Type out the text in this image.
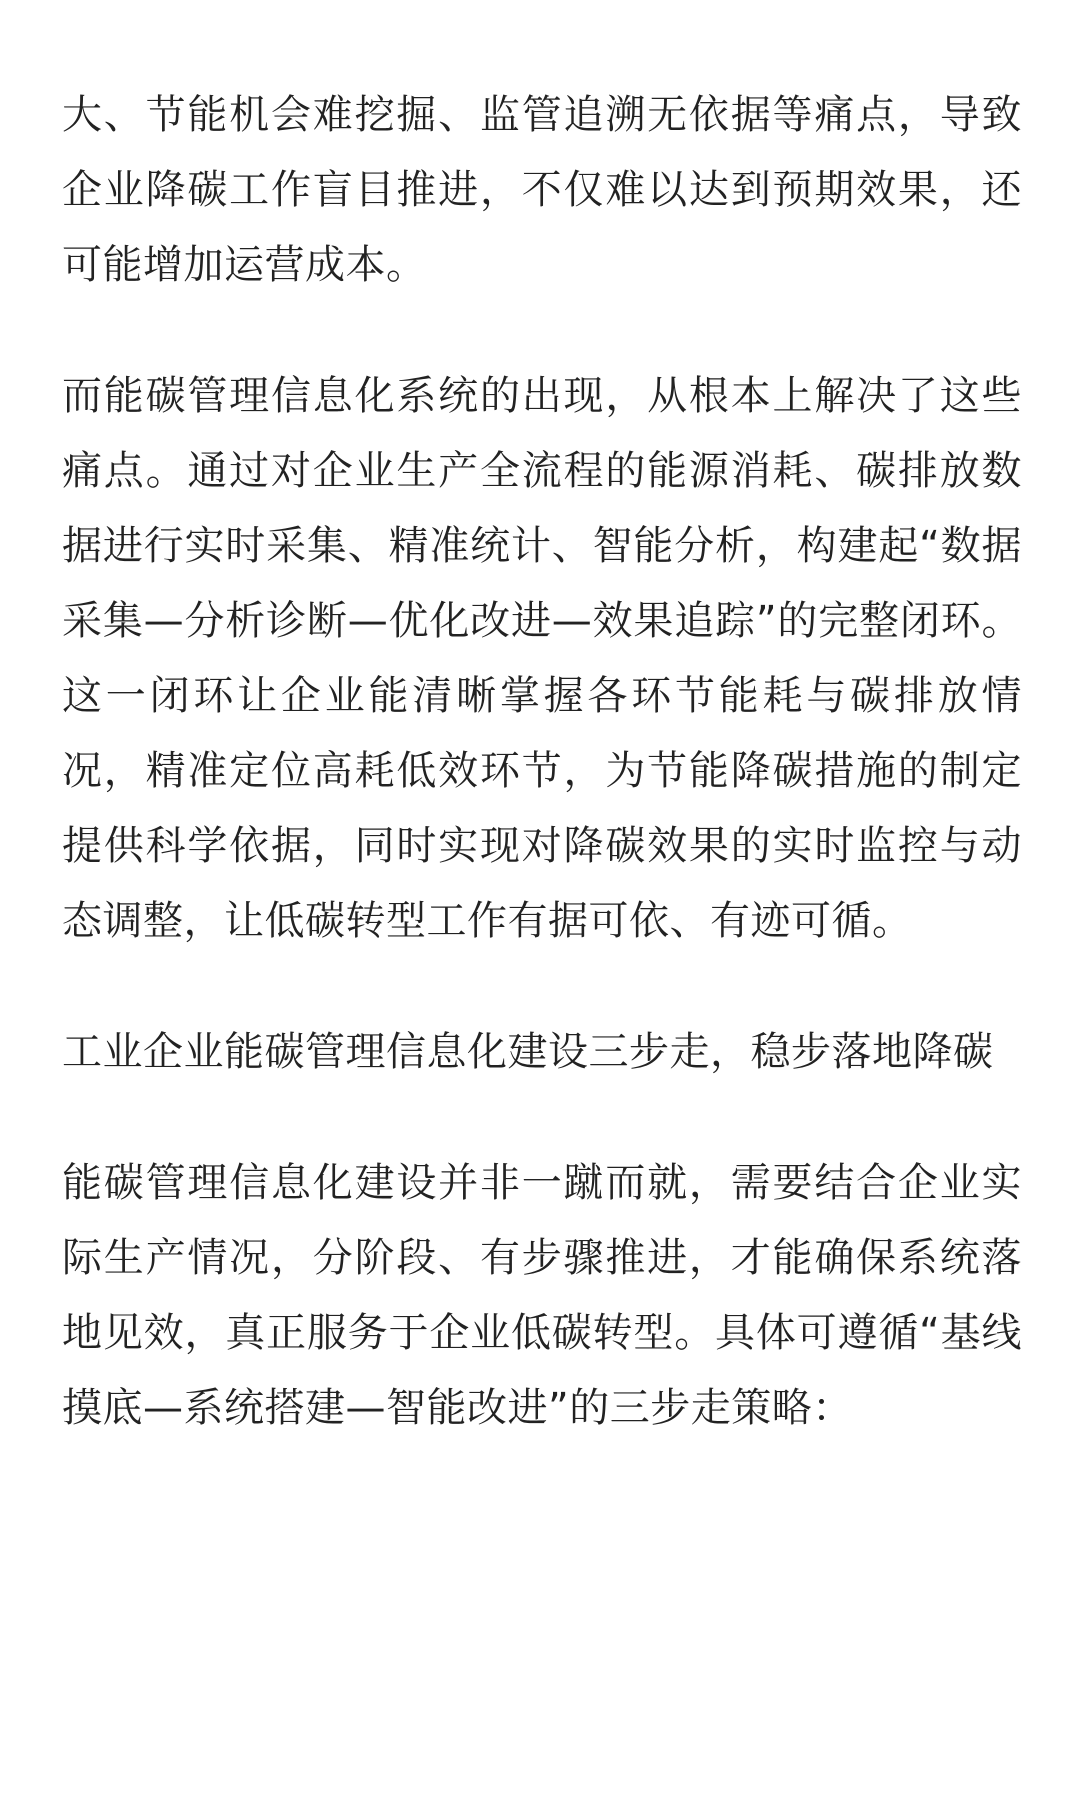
大、节能机会难挖掘、监管追溯无依据等痛点，导致企业降碳工作盲目推进，不仅难以达到预期效果，还可能增加运营成本。

而能碳管理信息化系统的出现，从根本上解决了这些痛点。通过对企业生产全流程的能源消耗、碳排放数据进行实时采集、精准统计、智能分析，构建起“数据采集—分析诊断—优化改进—效果追踪”的完整闭环。这一闭环让企业能清晰掌握各环节能耗与碳排放情况，精准定位高耗低效环节，为节能降碳措施的制定提供科学依据，同时实现对降碳效果的实时监控与动态调整，让低碳转型工作有据可依、有迹可循。

工业企业能碳管理信息化建设三步走，稳步落地降碳

能碳管理信息化建设并非一蹴而就，需要结合企业实际生产情况，分阶段、有步骤推进，才能确保系统落地见效，真正服务于企业低碳转型。具体可遵循“基线摸底—系统搭建—智能改进”的三步走策略：
